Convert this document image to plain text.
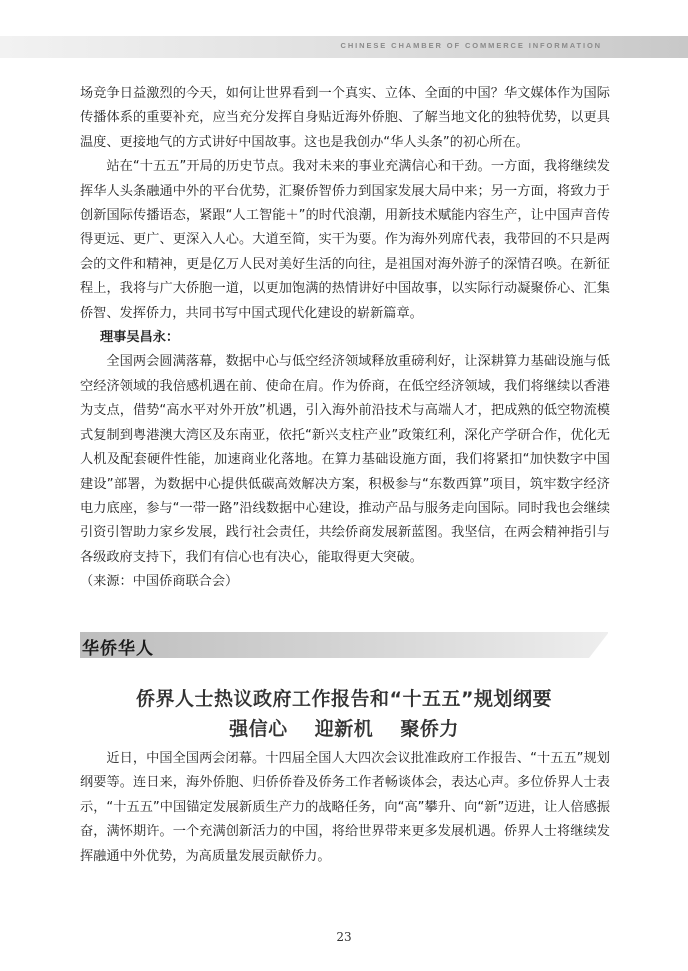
CHINESE CHAMBER OF COMMERCE INFORMATION

场竞争日益激烈的今天，如何让世界看到一个真实、立体、全面的中国？华文媒体作为国际传播体系的重要补充，应当充分发挥自身贴近海外侨胞、了解当地文化的独特优势，以更具温度、更接地气的方式讲好中国故事。这也是我创办“华人头条”的初心所在。

站在“十五五”开局的历史节点。我对未来的事业充满信心和干劲。一方面，我将继续发挥华人头条融通中外的平台优势，汇聚侨智侨力到国家发展大局中来；另一方面，将致力于创新国际传播语态，紧跟“人工智能＋”的时代浪潮，用新技术赋能内容生产，让中国声音传得更远、更广、更深入人心。大道至简，实干为要。作为海外列席代表，我带回的不只是两会的文件和精神，更是亿万人民对美好生活的向往，是祖国对海外游子的深情召唤。在新征程上，我将与广大侨胞一道，以更加饱满的热情讲好中国故事，以实际行动凝聚侨心、汇集侨智、发挥侨力，共同书写中国式现代化建设的崭新篇章。

理事吴昌永：

全国两会圆满落幕，数据中心与低空经济领域释放重磅利好，让深耕算力基础设施与低空经济领域的我倍感机遇在前、使命在肩。作为侨商，在低空经济领域，我们将继续以香港为支点，借势“高水平对外开放”机遇，引入海外前沿技术与高端人才，把成熟的低空物流模式复制到粤港澳大湾区及东南亚，依托“新兴支柱产业”政策红利，深化产学研合作，优化无人机及配套硬件性能，加速商业化落地。在算力基础设施方面，我们将紧扣“加快数字中国建设”部署，为数据中心提供低碳高效解决方案，积极参与“东数西算”项目，筑牢数字经济电力底座，参与“一带一路”沿线数据中心建设，推动产品与服务走向国际。同时我也会继续引资引智助力家乡发展，践行社会责任，共绘侨商发展新蓝图。我坚信，在两会精神指引与各级政府支持下，我们有信心也有决心，能取得更大突破。

（来源：中国侨商联合会）

华侨华人
侨界人士热议政府工作报告和“十五五”规划纲要
强信心 迎新机 聚侨力

近日，中国全国两会闭幕。十四届全国人大四次会议批准政府工作报告、“十五五”规划纲要等。连日来，海外侨胞、归侨侨眷及侨务工作者畅谈体会，表达心声。多位侨界人士表示，“十五五”中国锚定发展新质生产力的战略任务，向“高”攀升、向“新”迈进，让人倍感振奋，满怀期许。一个充满创新活力的中国，将给世界带来更多发展机遇。侨界人士将继续发挥融通中外优势，为高质量发展贡献侨力。

23
